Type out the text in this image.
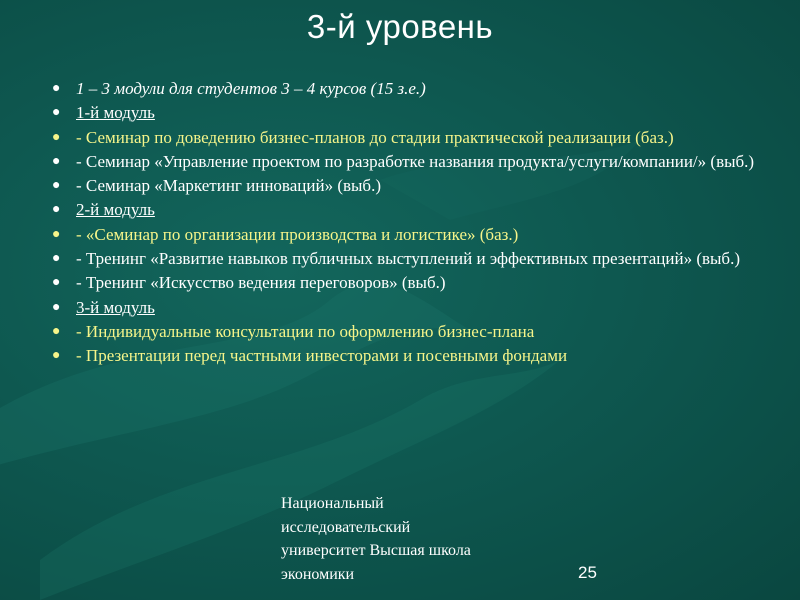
3-й уровень
● 1 – 3 модули для студентов 3 – 4 курсов (15 з.е.)
● 1-й модуль
● - Семинар по доведению бизнес-планов до стадии практической реализации (баз.)
● - Семинар «Управление проектом по разработке названия продукта/услуги/компании/» (выб.)
● - Семинар «Маркетинг инноваций» (выб.)
● 2-й модуль
● - «Семинар по организации производства и логистике» (баз.)
● - Тренинг «Развитие навыков публичных выступлений и эффективных презентаций» (выб.)
● - Тренинг «Искусство ведения переговоров» (выб.)
● 3-й модуль
● - Индивидуальные консультации по оформлению бизнес-плана
● - Презентации перед частными инвесторами и посевными фондами
Национальный
исследовательский
университет Высшая школа
экономики	25
